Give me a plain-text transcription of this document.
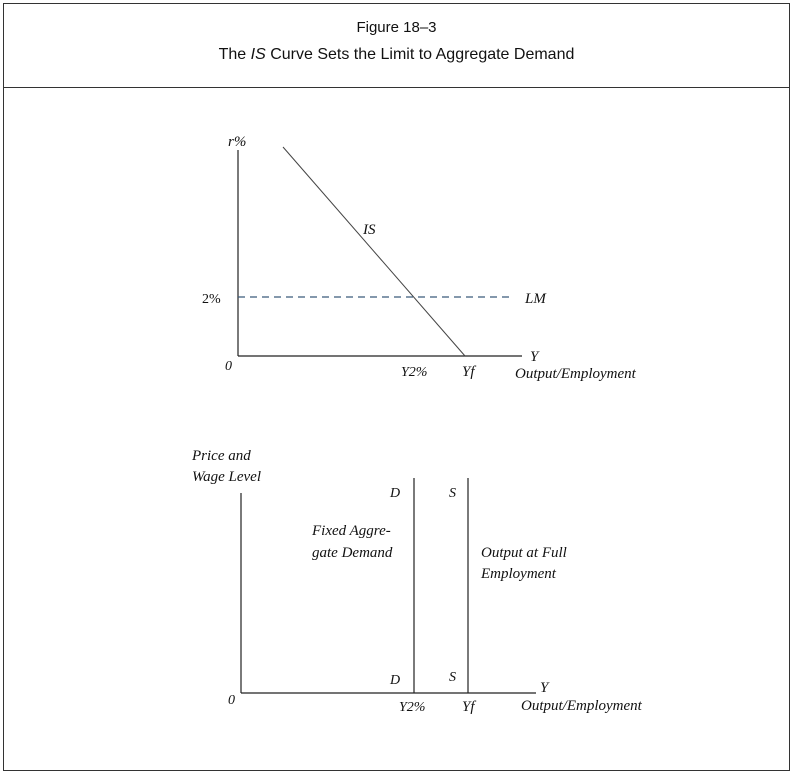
Figure 18–3
The IS Curve Sets the Limit to Aggregate Demand
r%
2%
0
IS
LM
Y
Y2% Yf	Output/Employment
Price and
Wage Level
D	S
Fixed Aggre-
gate Demand	Output at Full
Employment
D	S
0
Y
Y2% Yf	Output/Employment
